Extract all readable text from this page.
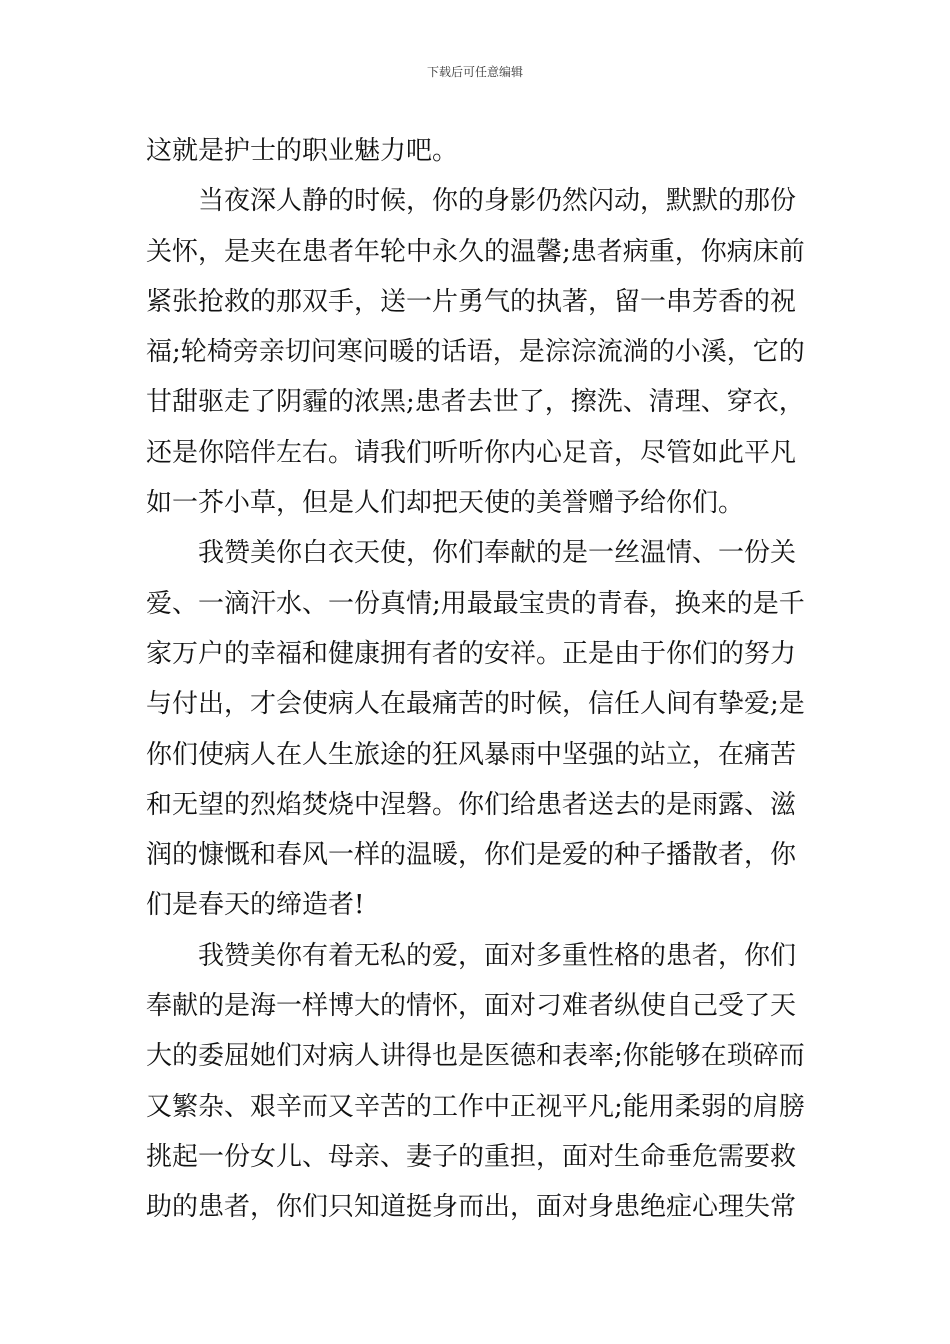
下载后可任意编辑
这就是护士的职业魅力吧。
当夜深人静的时候，你的身影仍然闪动，默默的那份
关怀，是夹在患者年轮中永久的温馨;患者病重，你病床前
紧张抢救的那双手，送一片勇气的执著，留一串芳香的祝
福;轮椅旁亲切问寒问暖的话语，是淙淙流淌的小溪，它的
甘甜驱走了阴霾的浓黑;患者去世了，擦洗、清理、穿衣，
还是你陪伴左右。请我们听听你内心足音，尽管如此平凡
如一芥小草，但是人们却把天使的美誉赠予给你们。
我赞美你白衣天使，你们奉献的是一丝温情、一份关
爱、一滴汗水、一份真情;用最最宝贵的青春，换来的是千
家万户的幸福和健康拥有者的安祥。正是由于你们的努力
与付出，才会使病人在最痛苦的时候，信任人间有挚爱;是
你们使病人在人生旅途的狂风暴雨中坚强的站立，在痛苦
和无望的烈焰焚烧中涅磐。你们给患者送去的是雨露、滋
润的慷慨和春风一样的温暖，你们是爱的种子播散者，你
们是春天的缔造者!
我赞美你有着无私的爱，面对多重性格的患者，你们
奉献的是海一样博大的情怀，面对刁难者纵使自己受了天
大的委屈她们对病人讲得也是医德和表率;你能够在琐碎而
又繁杂、艰辛而又辛苦的工作中正视平凡;能用柔弱的肩膀
挑起一份女儿、母亲、妻子的重担，面对生命垂危需要救
助的患者，你们只知道挺身而出，面对身患绝症心理失常
